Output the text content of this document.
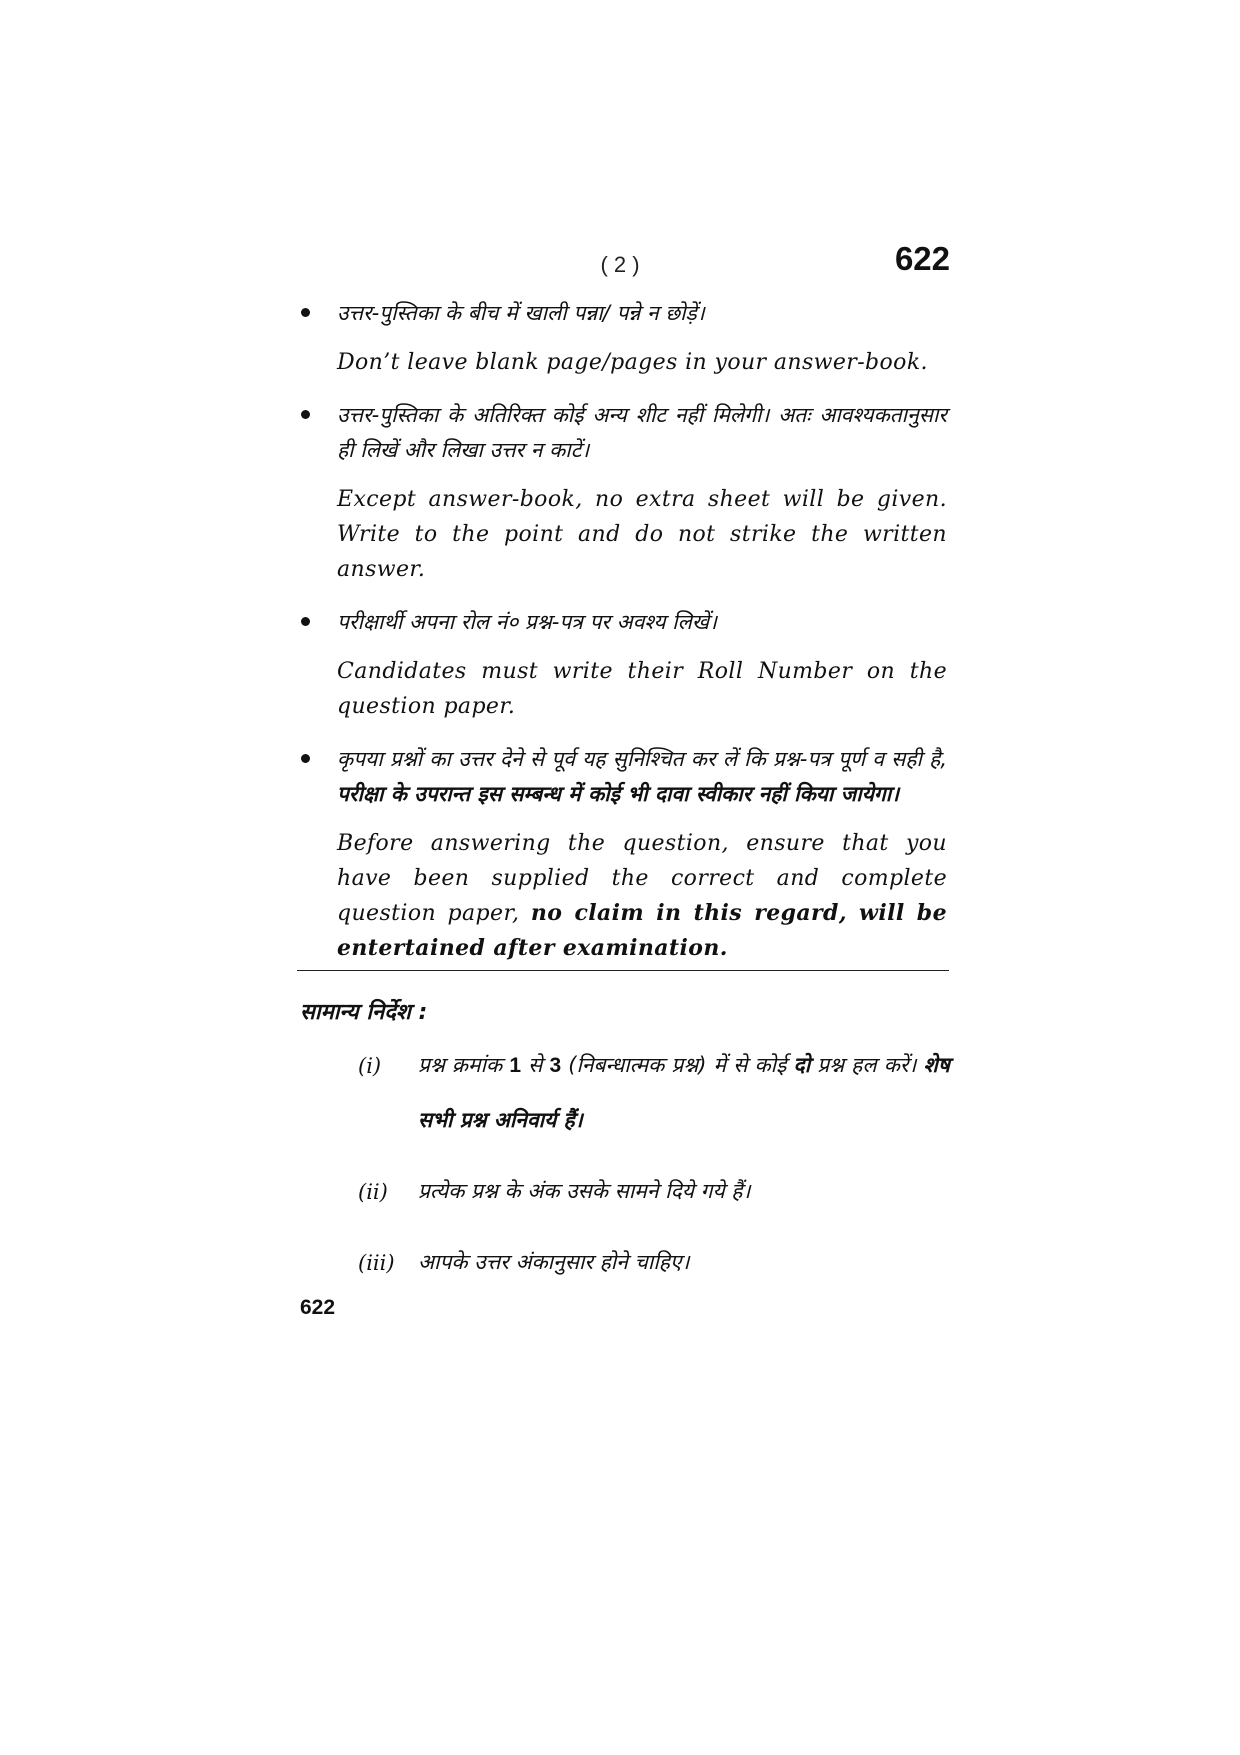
( 2 )	622

उत्तर-पुस्तिका के बीच में खाली पन्ना/ पन्ने न छोड़ें।

Don’t leave blank page/pages in your answer-book.

उत्तर-पुस्तिका के अतिरिक्त कोई अन्य शीट नहीं मिलेगी। अतः आवश्यकतानुसार ही लिखें और लिखा उत्तर न काटें।

Except answer-book, no extra sheet will be given. Write to the point and do not strike the written answer.

परीक्षार्थी अपना रोल नं० प्रश्न-पत्र पर अवश्य लिखें।

Candidates must write their Roll Number on the question paper.

कृपया प्रश्नों का उत्तर देने से पूर्व यह सुनिश्चित कर लें कि प्रश्न-पत्र पूर्ण व सही है, परीक्षा के उपरान्त इस सम्बन्ध में कोई भी दावा स्वीकार नहीं किया जायेगा।

Before answering the question, ensure that you have been supplied the correct and complete question paper, no claim in this regard, will be entertained after examination.

सामान्य निर्देश :
(i) प्रश्न क्रमांक 1 से 3 (निबन्धात्मक प्रश्न) में से कोई दो प्रश्न हल करें। शेष सभी प्रश्न अनिवार्य हैं।

(ii) प्रत्येक प्रश्न के अंक उसके सामने दिये गये हैं।

(iii) आपके उत्तर अंकानुसार होने चाहिए।

622
